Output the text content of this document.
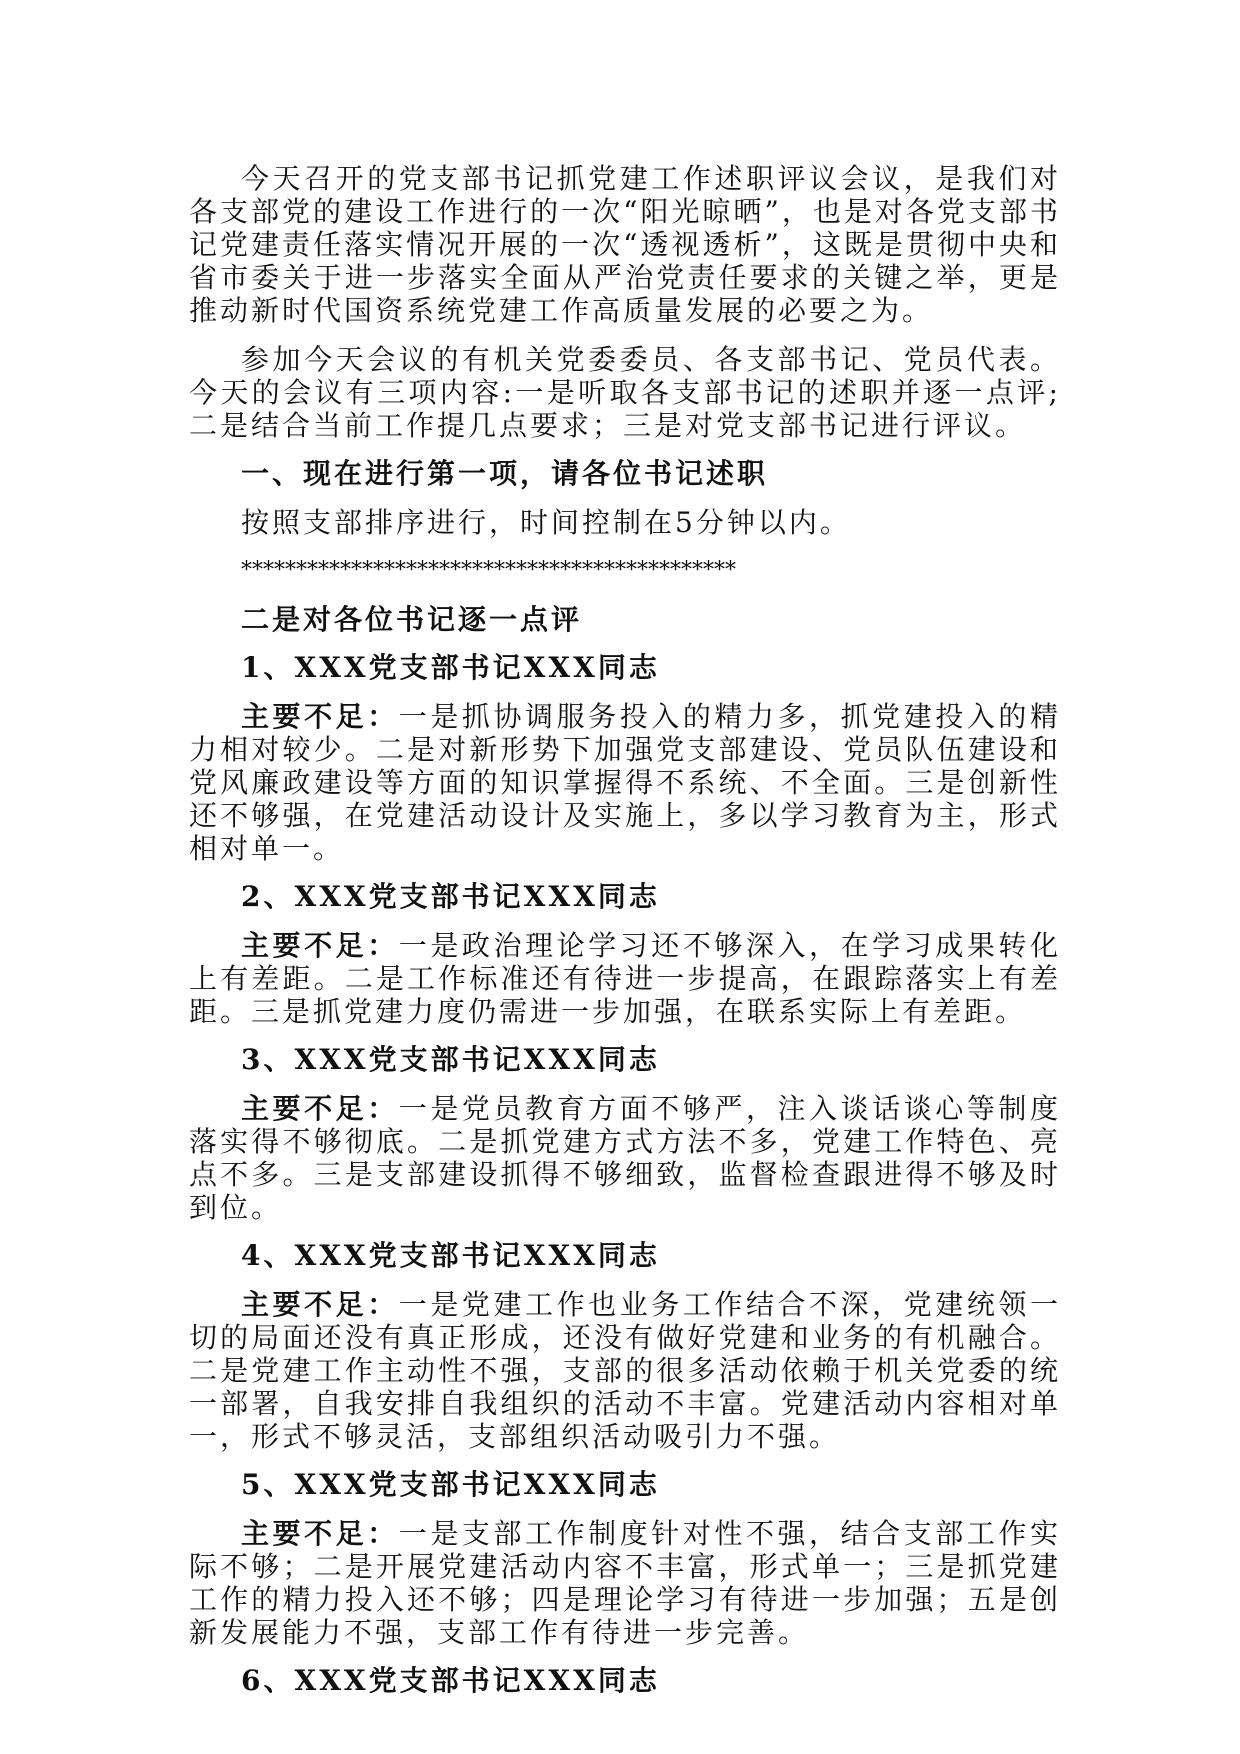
今天召开的党支部书记抓党建工作述职评议会议，是我们对各支部党的建设工作进行的一次“阳光晾晒”，也是对各党支部书记党建责任落实情况开展的一次“透视透析”，这既是贯彻中央和省市委关于进一步落实全面从严治党责任要求的关键之举，更是推动新时代国资系统党建工作高质量发展的必要之为。

参加今天会议的有机关党委委员、各支部书记、党员代表。今天的会议有三项内容:一是听取各支部书记的述职并逐一点评;二是结合当前工作提几点要求；三是对党支部书记进行评议。

一、现在进行第一项，请各位书记述职

按照支部排序进行，时间控制在5分钟以内。

*********************************************

二是对各位书记逐一点评

1、XXX党支部书记XXX同志

主要不足：一是抓协调服务投入的精力多，抓党建投入的精力相对较少。二是对新形势下加强党支部建设、党员队伍建设和党风廉政建设等方面的知识掌握得不系统、不全面。三是创新性还不够强，在党建活动设计及实施上，多以学习教育为主，形式相对单一。

2、XXX党支部书记XXX同志

主要不足：一是政治理论学习还不够深入，在学习成果转化上有差距。二是工作标准还有待进一步提高，在跟踪落实上有差距。三是抓党建力度仍需进一步加强，在联系实际上有差距。

3、XXX党支部书记XXX同志

主要不足：一是党员教育方面不够严，注入谈话谈心等制度落实得不够彻底。二是抓党建方式方法不多，党建工作特色、亮点不多。三是支部建设抓得不够细致，监督检查跟进得不够及时到位。

4、XXX党支部书记XXX同志

主要不足：一是党建工作也业务工作结合不深，党建统领一切的局面还没有真正形成，还没有做好党建和业务的有机融合。二是党建工作主动性不强，支部的很多活动依赖于机关党委的统一部署，自我安排自我组织的活动不丰富。党建活动内容相对单一，形式不够灵活，支部组织活动吸引力不强。

5、XXX党支部书记XXX同志

主要不足：一是支部工作制度针对性不强，结合支部工作实际不够；二是开展党建活动内容不丰富，形式单一；三是抓党建工作的精力投入还不够；四是理论学习有待进一步加强；五是创新发展能力不强，支部工作有待进一步完善。

6、XXX党支部书记XXX同志
